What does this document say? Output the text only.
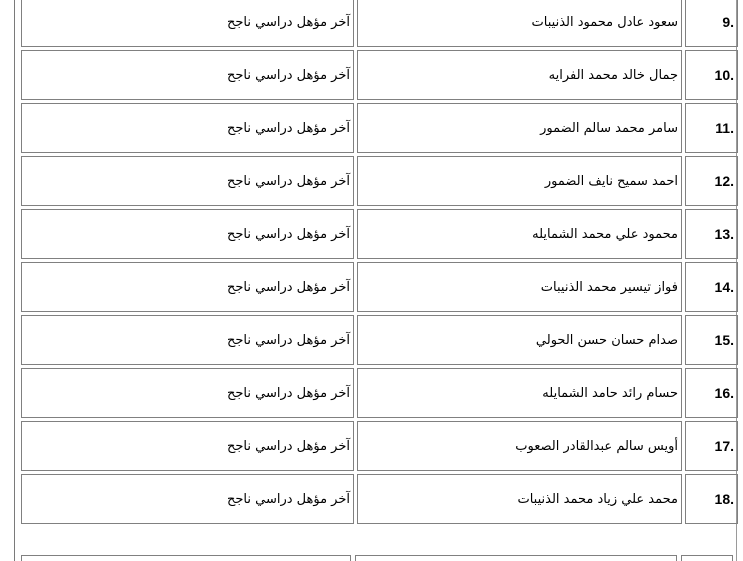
آخر مؤهل دراسي ناجح	سعود عادل محمود الذنيبات	9.
آخر مؤهل دراسي ناجح	جمال خالد محمد الفرايه	10.
آخر مؤهل دراسي ناجح	سامر محمد سالم الضمور	11.
آخر مؤهل دراسي ناجح	احمد سميح نايف الضمور	12.
آخر مؤهل دراسي ناجح	محمود علي محمد الشمايله	13.
آخر مؤهل دراسي ناجح	فواز تيسير محمد الذنيبات	14.
آخر مؤهل دراسي ناجح	صدام حسان حسن الحولي	15.
آخر مؤهل دراسي ناجح	حسام رائد حامد الشمايله	16.
آخر مؤهل دراسي ناجح	أويس سالم عبدالقادر الصعوب	17.
آخر مؤهل دراسي ناجح	محمد علي زياد محمد الذنيبات	18.
